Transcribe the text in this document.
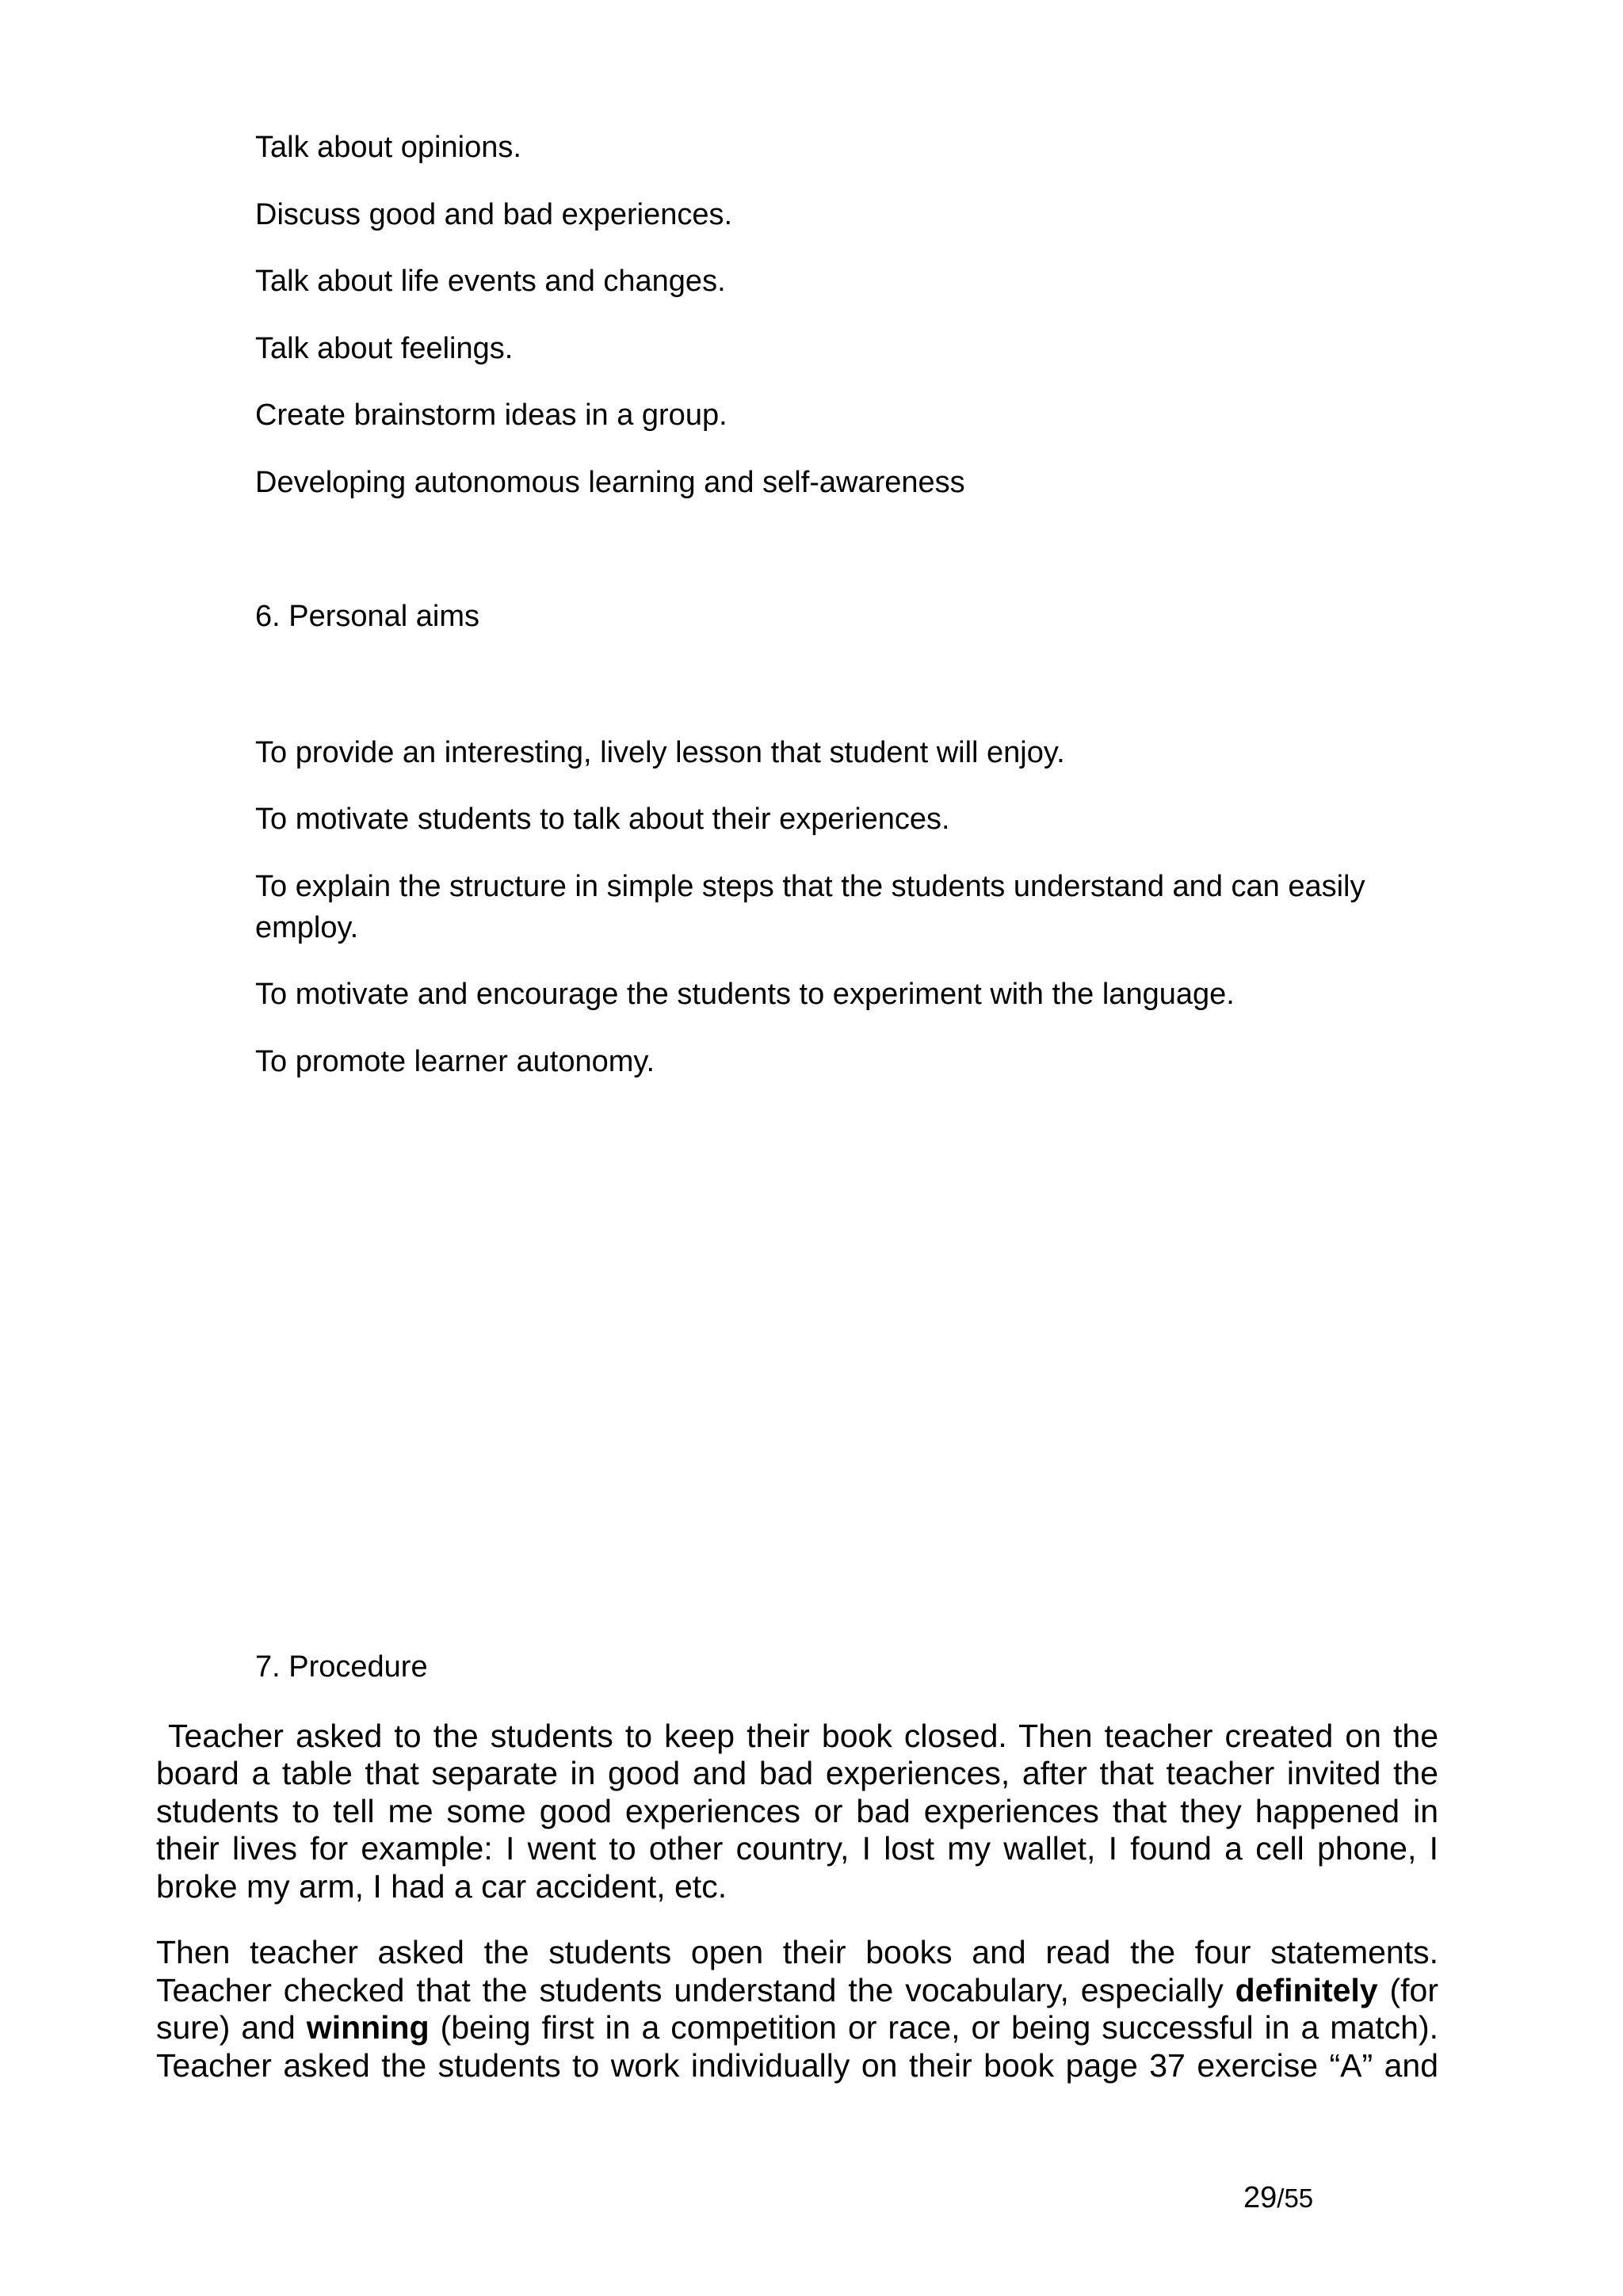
Talk about opinions.
Discuss good and bad experiences.
Talk about life events and changes.
Talk about feelings.
Create brainstorm ideas in a group.
Developing autonomous learning and self-awareness
6. Personal aims
To provide an interesting, lively lesson that student will enjoy.
To motivate students to talk about their experiences.
To explain the structure in simple steps that the students understand and can easily employ.
To motivate and encourage the students to experiment with the language.
To promote learner autonomy.
7. Procedure
Teacher asked to the students to keep their book closed. Then teacher created on the
board a table that separate in good and bad experiences, after that teacher invited the
students to tell me some good experiences or bad experiences that they happened in
their lives for example: I went to other country, I lost my wallet, I found a cell phone, I
broke my arm, I had a car accident, etc.
Then teacher asked the students open their books and read the four statements.
Teacher checked that the students understand the vocabulary, especially definitely (for
sure) and winning (being first in a competition or race, or being successful in a match).
Teacher asked the students to work individually on their book page 37 exercise “A” and
29/55
